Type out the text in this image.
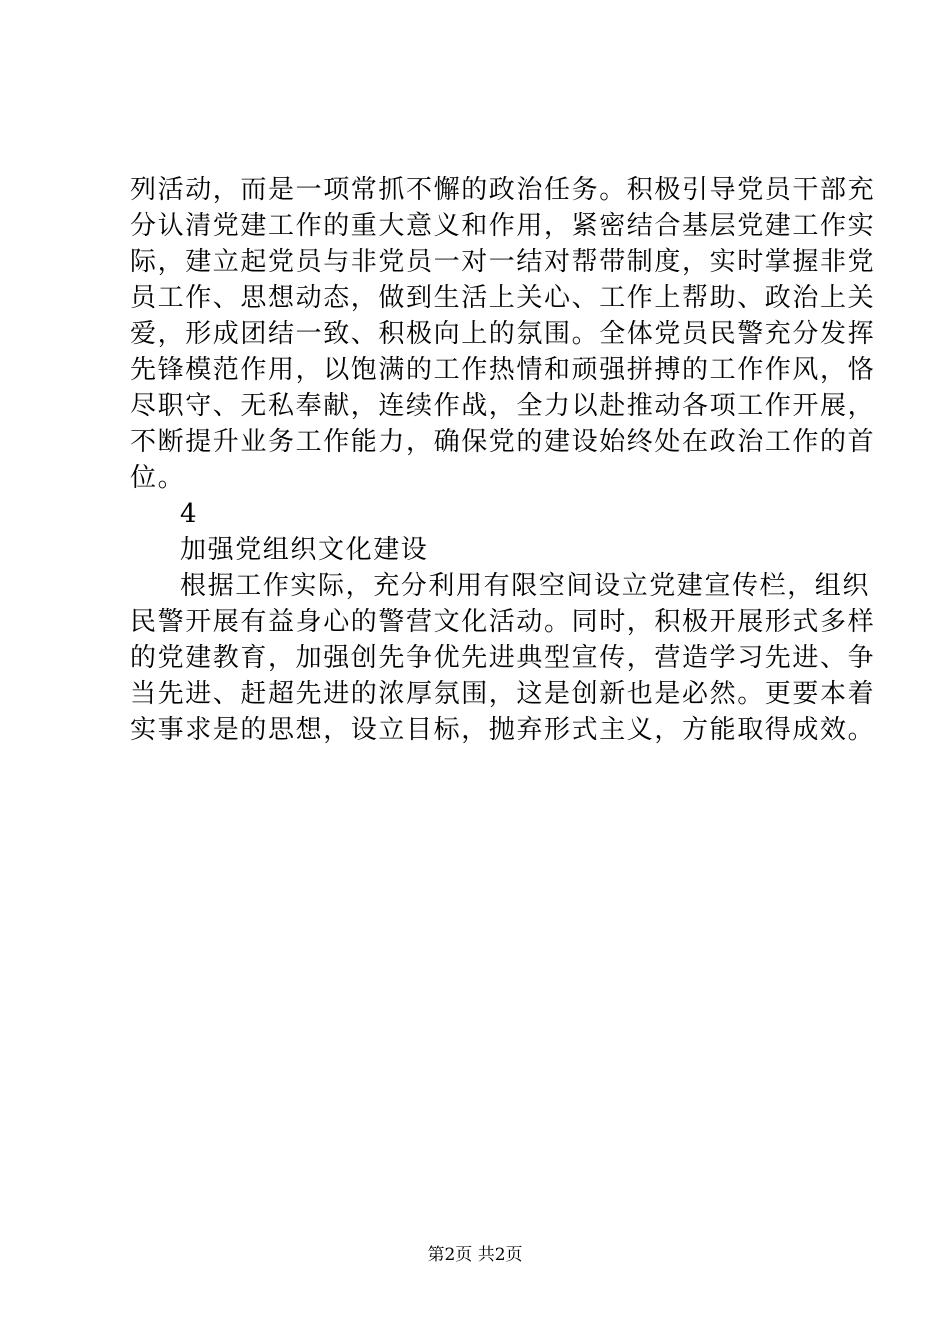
列活动，而是一项常抓不懈的政治任务。积极引导党员干部充
分认清党建工作的重大意义和作用，紧密结合基层党建工作实
际，建立起党员与非党员一对一结对帮带制度，实时掌握非党
员工作、思想动态，做到生活上关心、工作上帮助、政治上关
爱，形成团结一致、积极向上的氛围。全体党员民警充分发挥
先锋模范作用，以饱满的工作热情和顽强拼搏的工作作风，恪
尽职守、无私奉献，连续作战，全力以赴推动各项工作开展，
不断提升业务工作能力，确保党的建设始终处在政治工作的首
位。
4
加强党组织文化建设
根据工作实际，充分利用有限空间设立党建宣传栏，组织
民警开展有益身心的警营文化活动。同时，积极开展形式多样
的党建教育，加强创先争优先进典型宣传，营造学习先进、争
当先进、赶超先进的浓厚氛围，这是创新也是必然。更要本着
实事求是的思想，设立目标，抛弃形式主义，方能取得成效。
第2页 共2页
